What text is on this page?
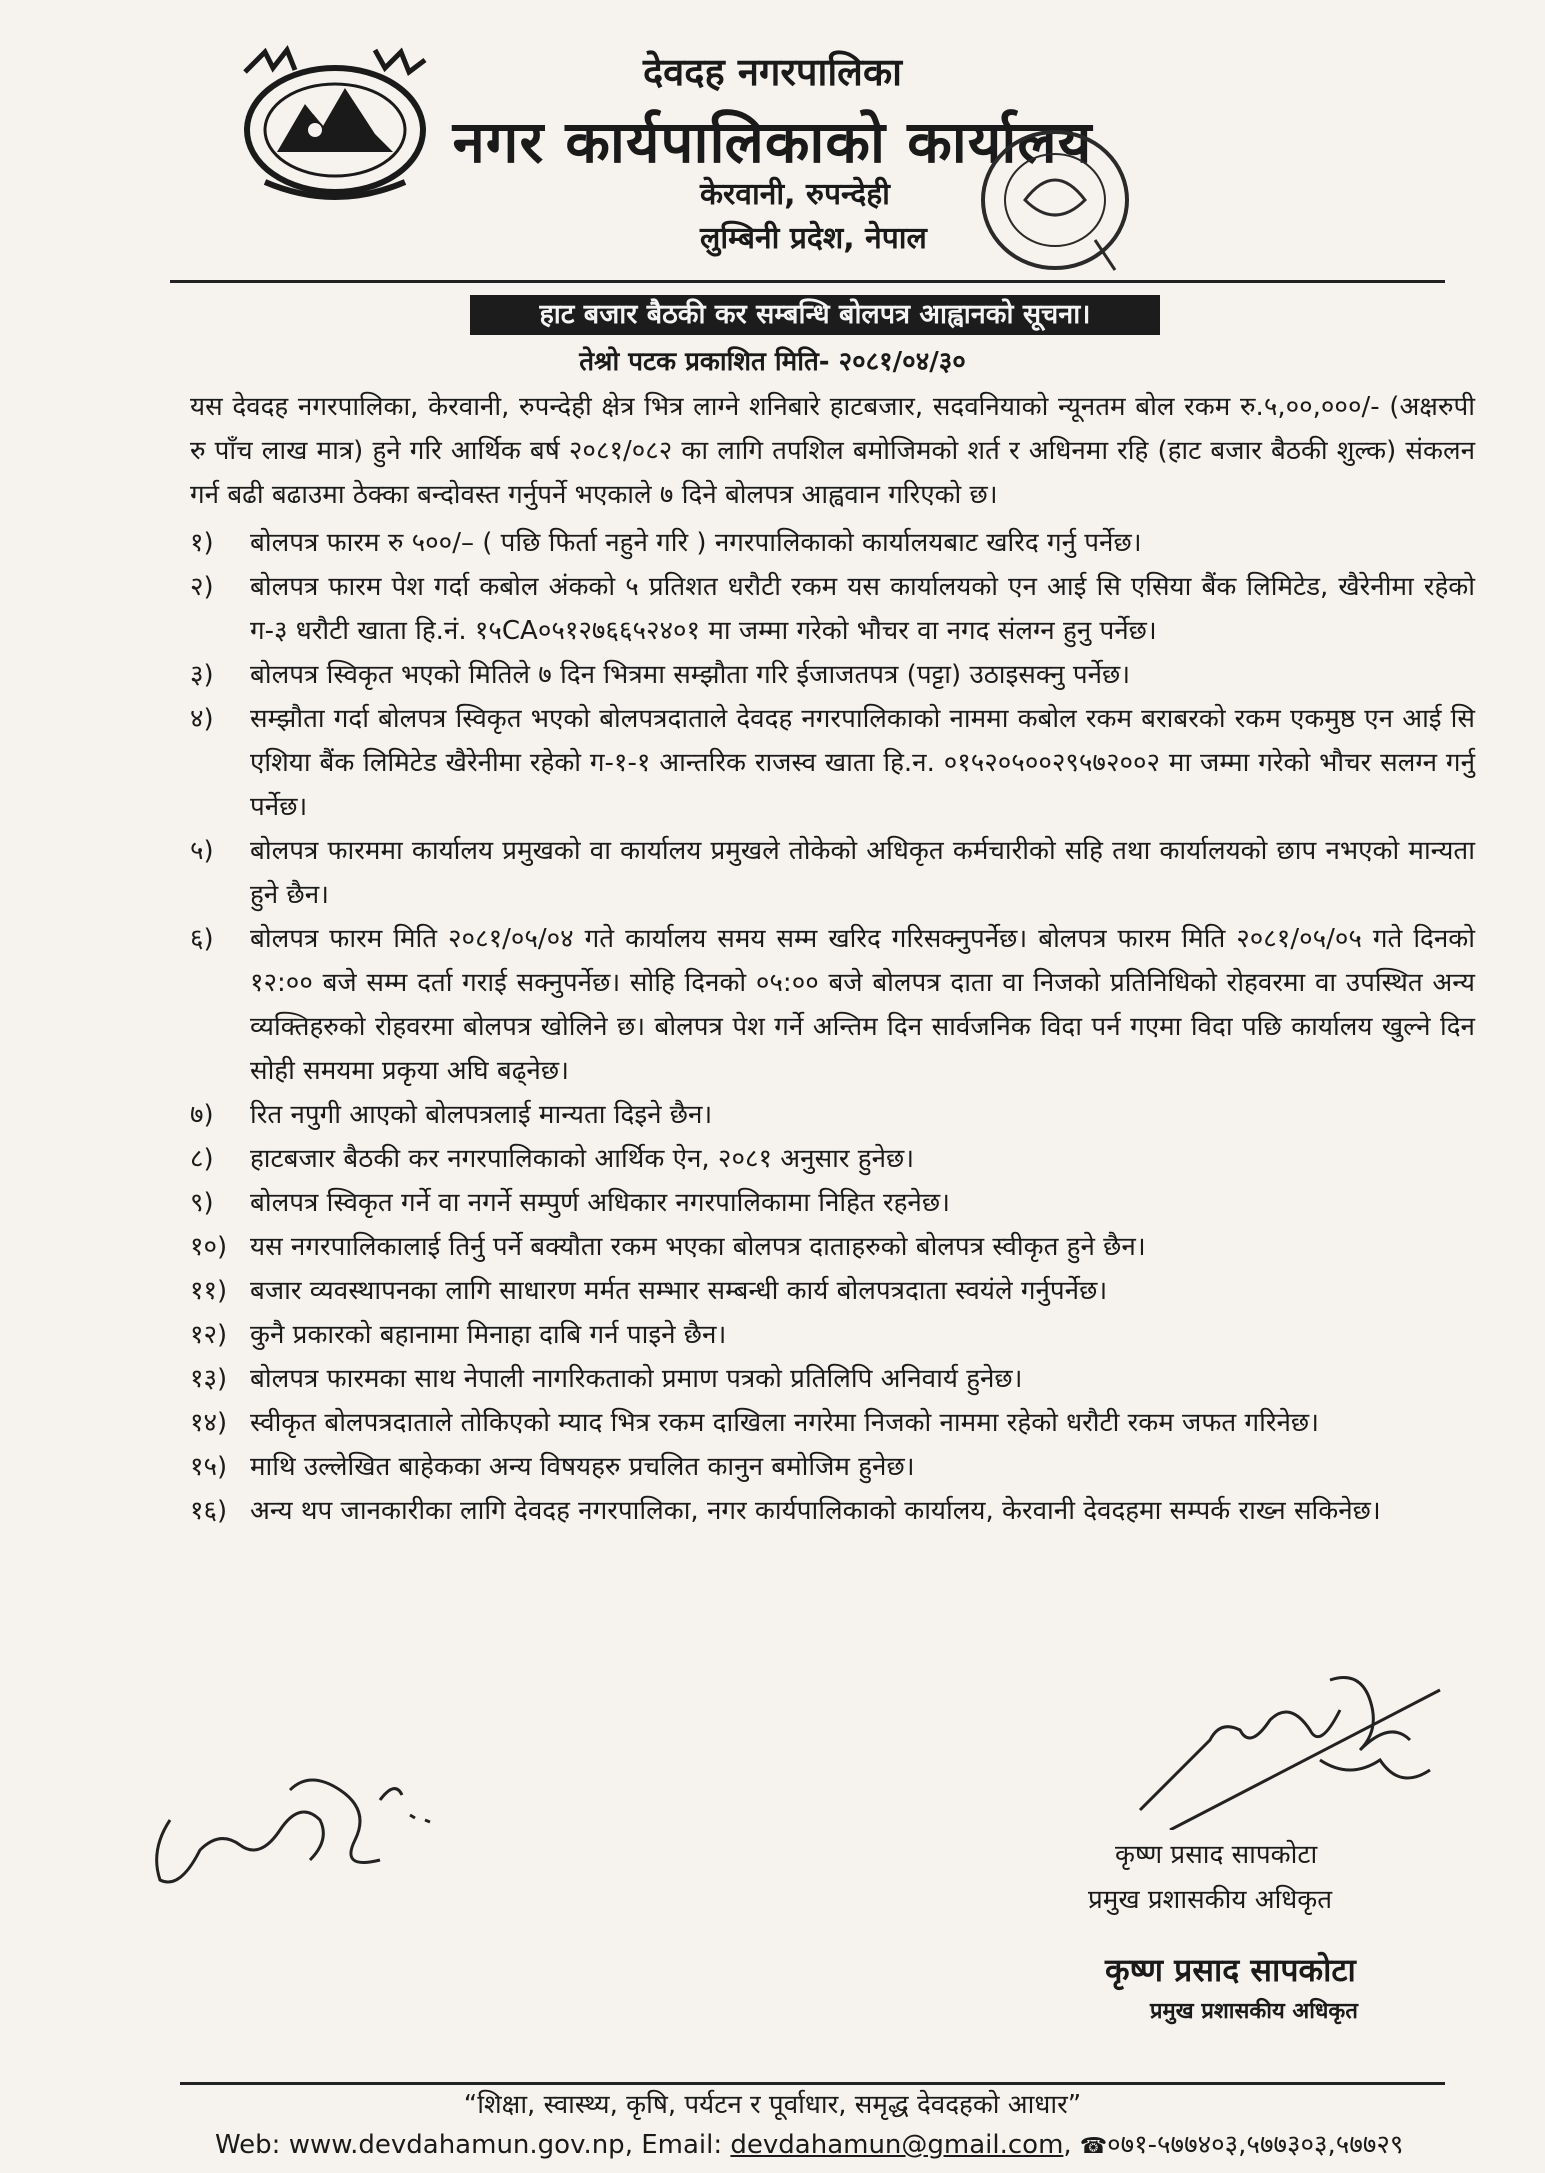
देवदह नगरपालिका
नगर कार्यपालिकाको कार्यालय
केरवानी, रुपन्देही
लुम्बिनी प्रदेश, नेपाल
हाट बजार बैठकी कर सम्बन्धि बोलपत्र आह्वानको सूचना।
तेश्रो पटक प्रकाशित मिति- २०८१/०४/३०

यस देवदह नगरपालिका, केरवानी, रुपन्देही क्षेत्र भित्र लाग्ने शनिबारे हाटबजार, सदवनियाको न्यूनतम बोल रकम रु.५,००,०००/- (अक्षरुपी रु पाँच लाख मात्र) हुने गरि आर्थिक बर्ष २०८१/०८२ का लागि तपशिल बमोजिमको शर्त र अधिनमा रहि (हाट बजार बैठकी शुल्क) संकलन गर्न बढी बढाउमा ठेक्का बन्दोवस्त गर्नुपर्ने भएकाले ७ दिने बोलपत्र आह्ववान गरिएको छ।

१)	बोलपत्र फारम रु ५००/– ( पछि फिर्ता नहुने गरि ) नगरपालिकाको कार्यालयबाट खरिद गर्नु पर्नेछ।
२)	बोलपत्र फारम पेश गर्दा कबोल अंकको ५ प्रतिशत धरौटी रकम यस कार्यालयको एन आई सि एसिया बैंक लिमिटेड, खैरेनीमा रहेको ग-३ धरौटी खाता हि.नं. १५CA०५१२७६६५२४०१ मा जम्मा गरेको भौचर वा नगद संलग्न हुनु पर्नेछ।
३)	बोलपत्र स्विकृत भएको मितिले ७ दिन भित्रमा सम्झौता गरि ईजाजतपत्र (पट्टा) उठाइसक्नु पर्नेछ।
४)	सम्झौता गर्दा बोलपत्र स्विकृत भएको बोलपत्रदाताले देवदह नगरपालिकाको नाममा कबोल रकम बराबरको रकम एकमुष्ठ एन आई सि एशिया बैंक लिमिटेड खैरेनीमा रहेको ग-१-१ आन्तरिक राजस्व खाता हि.न. ०१५२०५००२९५७२००२ मा जम्मा गरेको भौचर सलग्न गर्नु पर्नेछ।
५)	बोलपत्र फारममा कार्यालय प्रमुखको वा कार्यालय प्रमुखले तोकेको अधिकृत कर्मचारीको सहि तथा कार्यालयको छाप नभएको मान्यता हुने छैन।
६)	बोलपत्र फारम मिति २०८१/०५/०४ गते कार्यालय समय सम्म खरिद गरिसक्नुपर्नेछ। बोलपत्र फारम मिति २०८१/०५/०५ गते दिनको १२:०० बजे सम्म दर्ता गराई सक्नुपर्नेछ। सोहि दिनको ०५:०० बजे बोलपत्र दाता वा निजको प्रतिनिधिको रोहवरमा वा उपस्थित अन्य व्यक्तिहरुको रोहवरमा बोलपत्र खोलिने छ। बोलपत्र पेश गर्ने अन्तिम दिन सार्वजनिक विदा पर्न गएमा विदा पछि कार्यालय खुल्ने दिन सोही समयमा प्रकृया अघि बढ्नेछ।
७)	रित नपुगी आएको बोलपत्रलाई मान्यता दिइने छैन।
८)	हाटबजार बैठकी कर नगरपालिकाको आर्थिक ऐन, २०८१ अनुसार हुनेछ।
९)	बोलपत्र स्विकृत गर्ने वा नगर्ने सम्पुर्ण अधिकार नगरपालिकामा निहित रहनेछ।
१०) यस नगरपालिकालाई तिर्नु पर्ने बक्यौता रकम भएका बोलपत्र दाताहरुको बोलपत्र स्वीकृत हुने छैन।
११) बजार व्यवस्थापनका लागि साधारण मर्मत सम्भार सम्बन्धी कार्य बोलपत्रदाता स्वयंले गर्नुपर्नेछ।
१२) कुनै प्रकारको बहानामा मिनाहा दाबि गर्न पाइने छैन।
१३) बोलपत्र फारमका साथ नेपाली नागरिकताको प्रमाण पत्रको प्रतिलिपि अनिवार्य हुनेछ।
१४) स्वीकृत बोलपत्रदाताले तोकिएको म्याद भित्र रकम दाखिला नगरेमा निजको नाममा रहेको धरौटी रकम जफत गरिनेछ।
१५) माथि उल्लेखित बाहेकका अन्य विषयहरु प्रचलित कानुन बमोजिम हुनेछ।
१६) अन्य थप जानकारीका लागि देवदह नगरपालिका, नगर कार्यपालिकाको कार्यालय, केरवानी देवदहमा सम्पर्क राख्न सकिनेछ।
कृष्ण प्रसाद सापकोटा
प्रमुख प्रशासकीय अधिकृत
कृष्ण प्रसाद सापकोटा
प्रमुख प्रशासकीय अधिकृत
“शिक्षा, स्वास्थ्य, कृषि, पर्यटन र पूर्वाधार, समृद्ध देवदहको आधार”
Web: www.devdahamun.gov.np, Email: devdahamun@gmail.com, ☎०७१-५७७४०३,५७७३०३,५७७२९
